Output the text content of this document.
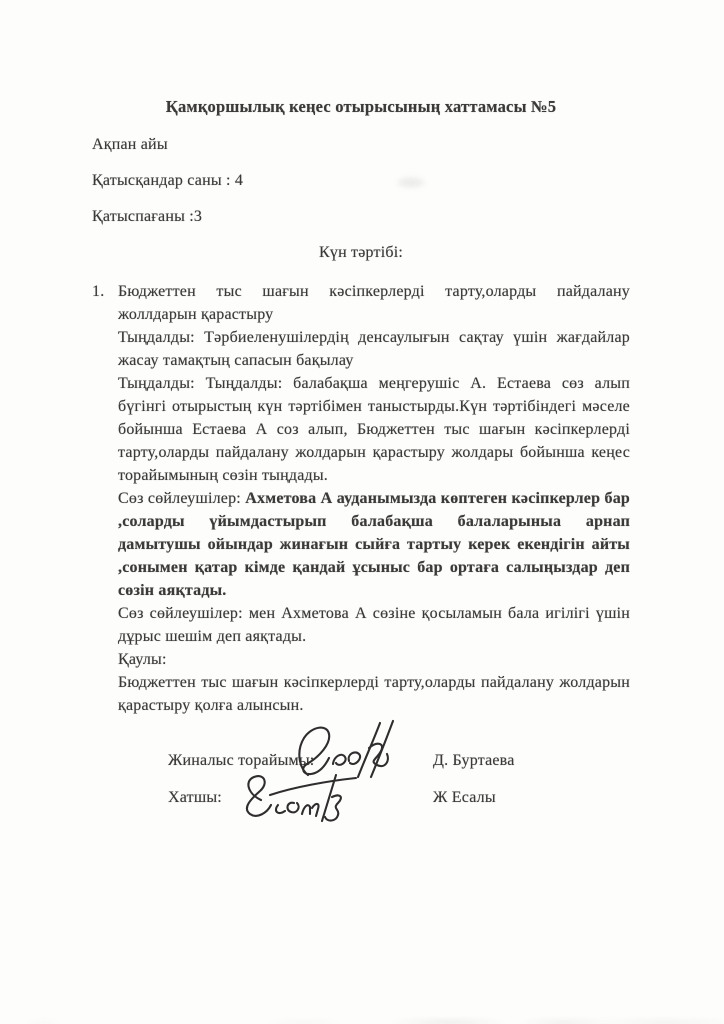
Қамқоршылық кеңес отырысының хаттамасы №5

Ақпан айы

Қатысқандар саны : 4

Қатыспағаны :3

Күн тәртібі:

1. Бюджеттен тыс шағын кәсіпкерлерді тарту,оларды пайдалану жоллдарын қарастыру

Тыңдалды: Тәрбиеленушілердің денсаулығын сақтау үшін жағдайлар жасау тамақтың сапасын бақылау

Тыңдалды: Тыңдалды: балабақша меңгерушіс А. Естаева сөз алып бүгінгі отырыстың күн тәртібімен таныстырды.Күн тәртібіндегі мәселе бойынша Естаева А соз алып, Бюджеттен тыс шағын кәсіпкерлерді тарту,оларды пайдалану жолдарын қарастыру жолдары бойынша кеңес торайымының сөзін тыңдады.

Сөз сөйлеушілер: Ахметова А ауданымызда көптеген кәсіпкерлер бар ,соларды үйымдастырып балабақша балаларыныа арнап дамытушы ойындар жинағын сыйға тартыу керек екендігін айты ,сонымен қатар кімде қандай ұсыныс бар ортаға салыңыздар деп сөзін аяқтады.

Сөз сөйлеушілер: мен Ахметова А сөзіне қосыламын бала игілігі үшін дұрыс шешім деп аяқтады.

Қаулы:

Бюджеттен тыс шағын кәсіпкерлерді тарту,оларды пайдалану жолдарын қарастыру қолға алынсын.

Жиналыс торайымы:	Д. Буртаева
Хатшы:	Ж Есалы
